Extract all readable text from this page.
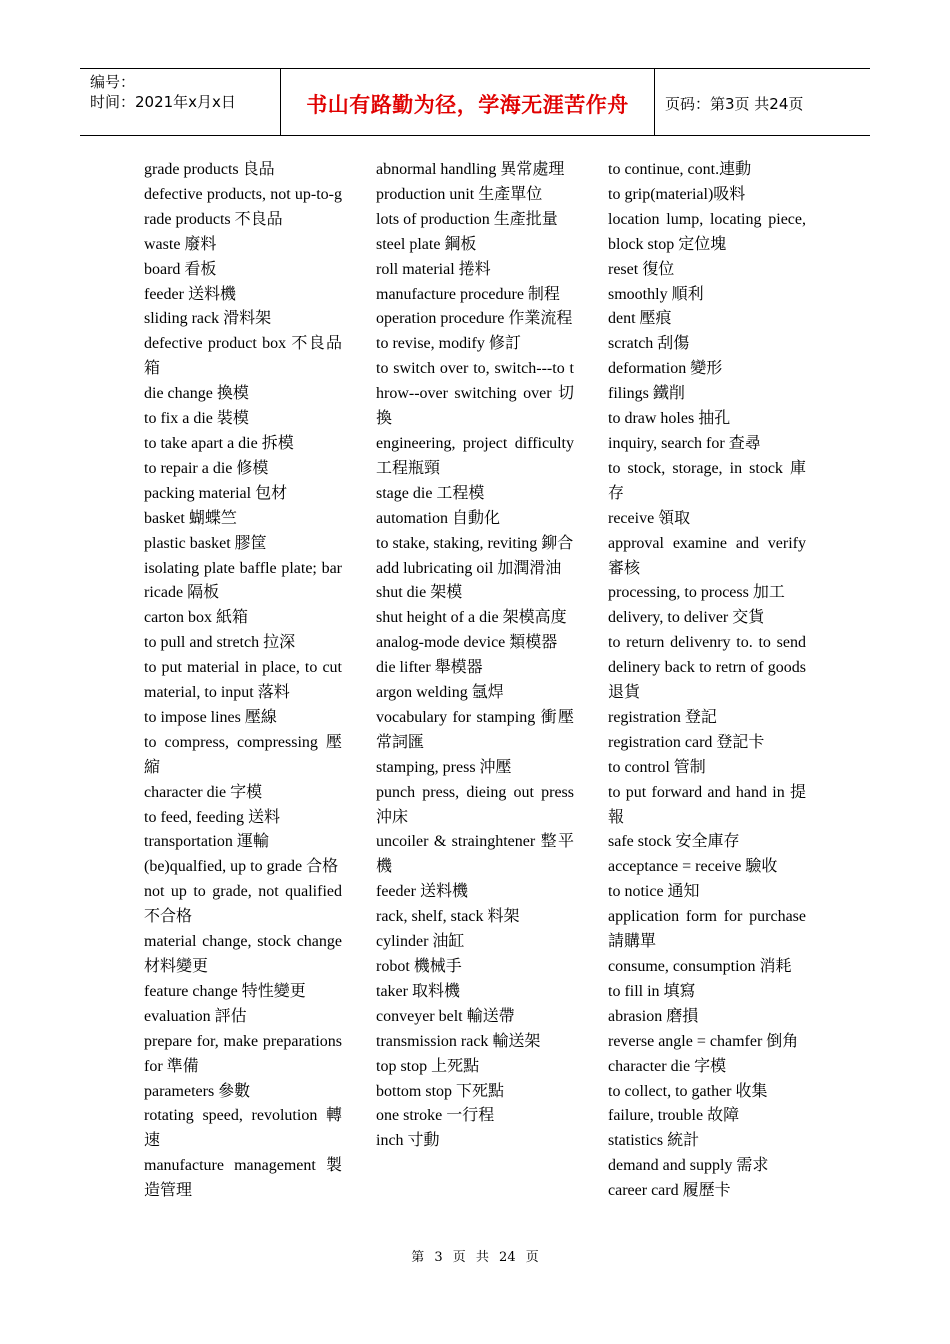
编号：
时间：2021年x月x日	书山有路勤为径，学海无涯苦作舟 页码：第3页 共24页
grade products 良品
defective products, not up-to-grade products 不良品
waste 廢料
board 看板
feeder 送料機
sliding rack 滑料架
defective product box 不良品箱
die change 換模
to fix a die 裝模
to take apart a die 拆模
to repair a die 修模
packing material 包材
basket 蝴蝶竺
plastic basket 膠筐
isolating plate baffle plate; barricade 隔板
carton box 紙箱
to pull and stretch 拉深
to put material in place, to cut material, to input 落料
to impose lines 壓線
to compress, compressing 壓縮
character die 字模
to feed, feeding 送料
transportation 運輸
(be)qualfied, up to grade 合格
not up to grade, not qualified 不合格
material change, stock change 材料變更
feature change 特性變更
evaluation 評估
prepare for, make preparations for 準備
parameters 參數
rotating speed, revolution 轉速
manufacture management 製造管理
abnormal handling 異常處理
production unit 生產單位
lots of production 生產批量
steel plate 鋼板
roll material 捲料
manufacture procedure 制程
operation procedure 作業流程
to revise, modify 修訂
to switch over to, switch---to throw--over switching over 切換
engineering, project difficulty 工程瓶頸
stage die 工程模
automation 自動化
to stake, staking, reviting 鉚合
add lubricating oil 加潤滑油
shut die 架模
shut height of a die 架模高度
analog-mode device 類模器
die lifter 舉模器
argon welding 氬焊
vocabulary for stamping 衝壓常詞匯
stamping, press 沖壓
punch press, dieing out press 沖床
uncoiler & strainghtener 整平機
feeder 送料機
rack, shelf, stack 料架
cylinder 油缸
robot 機械手
taker 取料機
conveyer belt 輸送帶
transmission rack 輸送架
top stop 上死點
bottom stop 下死點
one stroke 一行程
inch 寸動
to continue, cont.連動
to grip(material)吸料
location lump, locating piece, block stop 定位塊
reset 復位
smoothly 順利
dent 壓痕
scratch 刮傷
deformation 變形
filings 鐵削
to draw holes 抽孔
inquiry, search for 查尋
to stock, storage, in stock 庫存
receive 領取
approval examine and verify 審核
processing, to process 加工
delivery, to deliver 交貨
to return delivenry to. to send delinery back to retrn of goods 退貨
registration 登記
registration card 登記卡
to control 管制
to put forward and hand in 提報
safe stock 安全庫存
acceptance = receive 驗收
to notice 通知
application form for purchase 請購單
consume, consumption 消耗
to fill in 填寫
abrasion 磨損
reverse angle = chamfer 倒角
character die 字模
to collect, to gather 收集
failure, trouble 故障
statistics 統計
demand and supply 需求
career card 履歷卡
第 3 页 共 24 页
